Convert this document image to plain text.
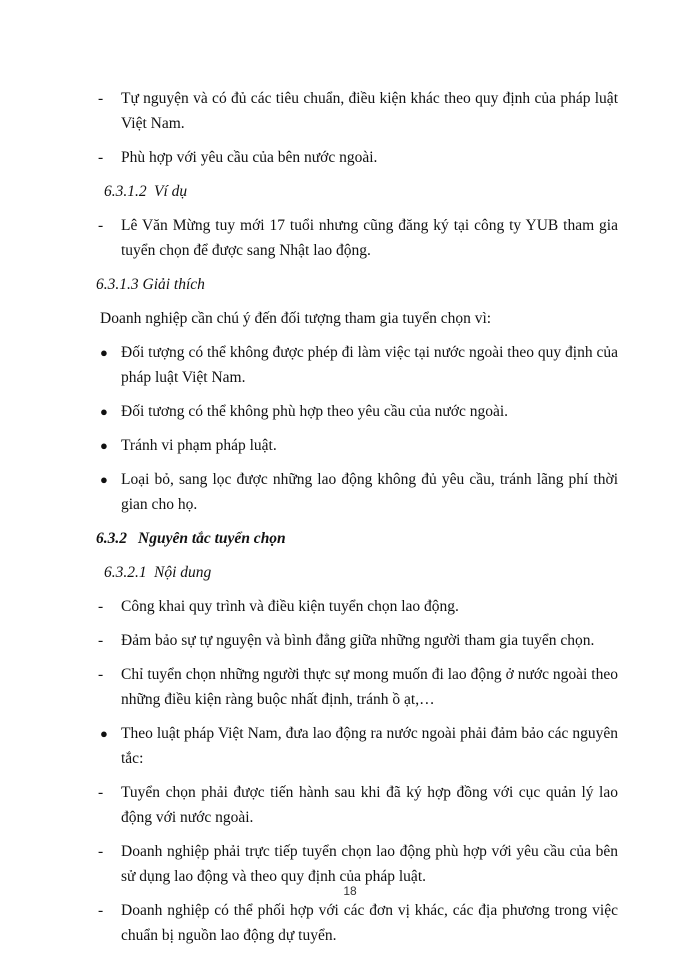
- Tự nguyện và có đủ các tiêu chuẩn, điều kiện khác theo quy định của pháp luật Việt Nam.
- Phù hợp với yêu cầu của bên nước ngoài.
6.3.1.2 Ví dụ
- Lê Văn Mừng tuy mới 17 tuổi nhưng cũng đăng ký tại công ty YUB tham gia tuyển chọn để được sang Nhật lao động.
6.3.1.3 Giải thích
Doanh nghiệp cần chú ý đến đối tượng tham gia tuyển chọn vì:
● Đối tượng có thể không được phép đi làm việc tại nước ngoài theo quy định của pháp luật Việt Nam.
● Đối tương có thể không phù hợp theo yêu cầu của nước ngoài.
● Tránh vi phạm pháp luật.
● Loại bỏ, sang lọc được những lao động không đủ yêu cầu, tránh lãng phí thời gian cho họ.
6.3.2 Nguyên tắc tuyển chọn
6.3.2.1 Nội dung
- Công khai quy trình và điều kiện tuyển chọn lao động.
- Đảm bảo sự tự nguyện và bình đẳng giữa những người tham gia tuyển chọn.
- Chỉ tuyển chọn những người thực sự mong muốn đi lao động ở nước ngoài theo những điều kiện ràng buộc nhất định, tránh ồ ạt,…
● Theo luật pháp Việt Nam, đưa lao động ra nước ngoài phải đảm bảo các nguyên tắc:
- Tuyển chọn phải được tiến hành sau khi đã ký hợp đồng với cục quản lý lao động với nước ngoài.
- Doanh nghiệp phải trực tiếp tuyển chọn lao động phù hợp với yêu cầu của bên sử dụng lao động và theo quy định của pháp luật.
- Doanh nghiệp có thể phối hợp với các đơn vị khác, các địa phương trong việc chuẩn bị nguồn lao động dự tuyển.
18
